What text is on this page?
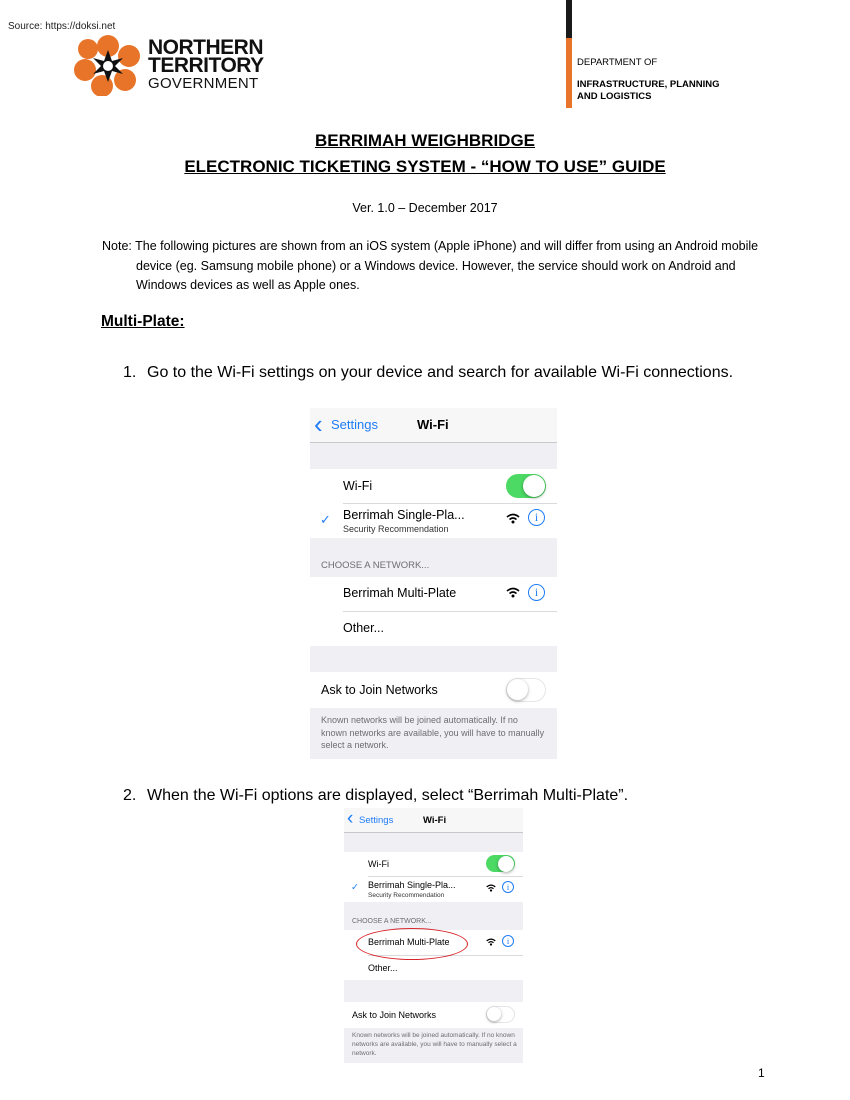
Source: https://doksi.net
NORTHERN
TERRITORY
GOVERNMENT
DEPARTMENT OF
INFRASTRUCTURE, PLANNING
AND LOGISTICS
BERRIMAH WEIGHBRIDGE
ELECTRONIC TICKETING SYSTEM - “HOW TO USE” GUIDE
Ver. 1.0 – December 2017
Note: The following pictures are shown from an iOS system (Apple iPhone) and will differ from using an Android mobile device (eg. Samsung mobile phone) or a Windows device. However, the service should work on Android and Windows devices as well as Apple ones.
Multi-Plate:
1. Go to the Wi-Fi settings on your device and search for available Wi-Fi connections.
‹ Settings	Wi-Fi
Wi-Fi
✓ Berrimah Single-Pla...
Security Recommendation
i
CHOOSE A NETWORK...
Berrimah Multi-Plate	i
Other...
Ask to Join Networks
Known networks will be joined automatically. If no known networks are available, you will have to manually select a network.
2. When the Wi-Fi options are displayed, select “Berrimah Multi-Plate”.
‹ Settings	Wi-Fi
Wi-Fi
✓ Berrimah Single-Pla...
Security Recommendation
i
CHOOSE A NETWORK...
Berrimah Multi-Plate	i
Other...
Ask to Join Networks
Known networks will be joined automatically. If no known networks are available, you will have to manually select a network.
1
